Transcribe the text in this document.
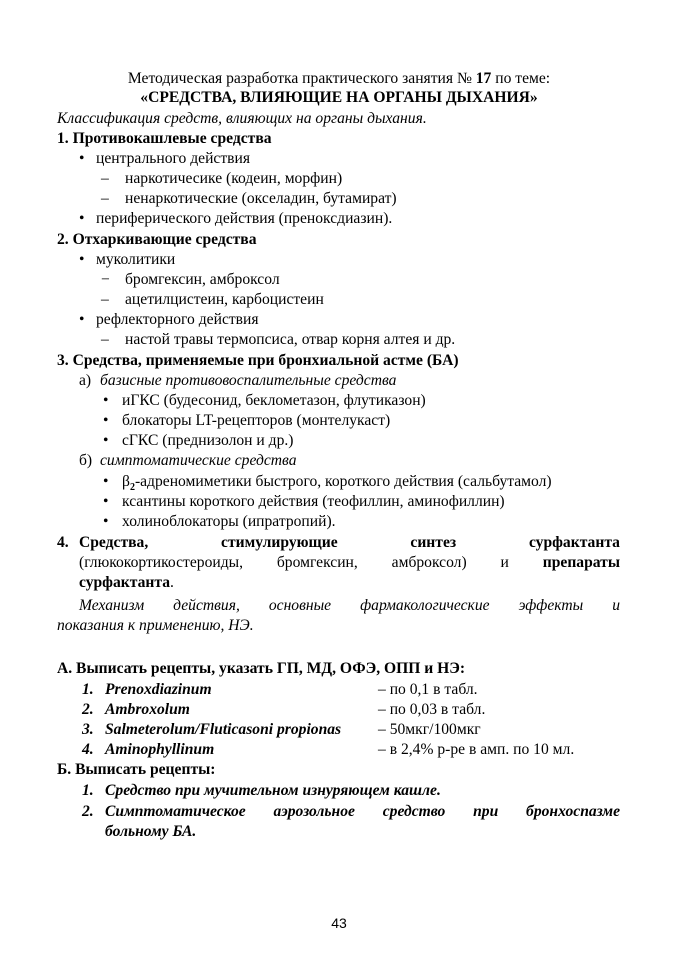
Методическая разработка практического занятия № 17 по теме:
«СРЕДСТВА, ВЛИЯЮЩИЕ НА ОРГАНЫ ДЫХАНИЯ»
Классификация средств, влияющих на органы дыхания.
1. Противокашлевые средства
• центрального действия
– наркотичесике (кодеин, морфин)
– ненаркотические (окселадин, бутамират)
• периферического действия (преноксдиазин).
2. Отхаркивающие средства
• муколитики
− бромгексин, амброксол
– ацетилцистеин, карбоцистеин
• рефлекторного действия
– настой травы термопсиса, отвар корня алтея и др.
3. Средства, применяемые при бронхиальной астме (БА)
а) базисные противовоспалительные средства
• иГКС (будесонид, беклометазон, флутиказон)
• блокаторы LT-рецепторов (монтелукаст)
• сГКС (преднизолон и др.)
б) симптоматические средства
• $\beta_2$-адреномиметики быстрого, короткого действия (сальбутамол)
• ксантины короткого действия (теофиллин, аминофиллин)
• холиноблокаторы (ипратропий).
4. Средства,	стимулирующие	синтез	сурфактанта
(глюкокортикостероиды, бромгексин, амброксол) и препараты
сурфактанта.
Механизм действия, основные фармакологические эффекты и
показания к применению, НЭ.
А. Выписать рецепты, указать ГП, МД, ОФЭ, ОПП и НЭ:
1. Prenoxdiazinum	– по 0,1 в табл.
2. Ambroxolum	– по 0,03 в табл.
3. Salmeterolum/Fluticasoni propionas – 50мкг/100мкг
4. Aminophyllinum	– в 2,4% р-ре в амп. по 10 мл.
Б. Выписать рецепты:
1. Средство при мучительном изнуряющем кашле.
2. Симптоматическое аэрозольное средство при бронхоспазме
больному БА.
43
